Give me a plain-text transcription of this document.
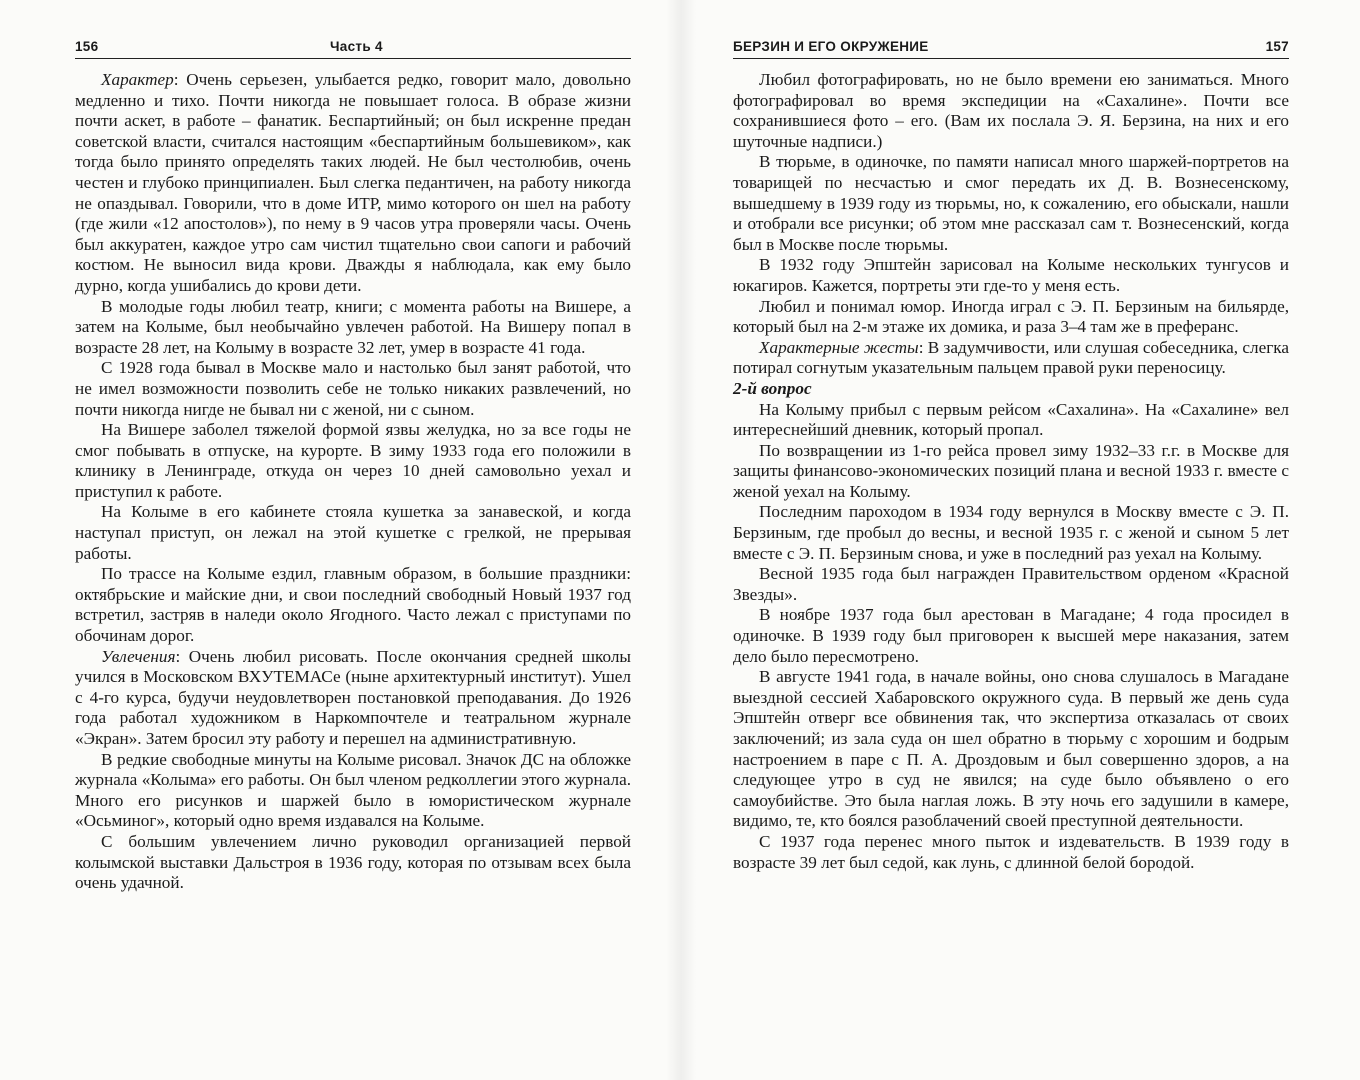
156	Часть 4

Характер: Очень серьезен, улыбается редко, говорит мало, довольно медленно и тихо. Почти никогда не повышает голоса. В образе жизни почти аскет, в работе – фанатик. Беспартийный; он был искренне предан советской власти, считался настоящим «беспартийным большевиком», как тогда было принято определять таких людей. Не был честолюбив, очень честен и глубоко принципиален. Был слегка педантичен, на работу никогда не опаздывал. Говорили, что в доме ИТР, мимо которого он шел на работу (где жили «12 апостолов»), по нему в 9 часов утра проверяли часы. Очень был аккуратен, каждое утро сам чистил тщательно свои сапоги и рабочий костюм. Не выносил вида крови. Дважды я наблюдала, как ему было дурно, когда ушибались до крови дети.

В молодые годы любил театр, книги; с момента работы на Вишере, а затем на Колыме, был необычайно увлечен работой. На Вишеру попал в возрасте 28 лет, на Колыму в возрасте 32 лет, умер в возрасте 41 года.

С 1928 года бывал в Москве мало и настолько был занят работой, что не имел возможности позволить себе не только никаких развлечений, но почти никогда нигде не бывал ни с женой, ни с сыном.

На Вишере заболел тяжелой формой язвы желудка, но за все годы не смог побывать в отпуске, на курорте. В зиму 1933 года его положили в клинику в Ленинграде, откуда он через 10 дней самовольно уехал и приступил к работе.

На Колыме в его кабинете стояла кушетка за занавеской, и когда наступал приступ, он лежал на этой кушетке с грелкой, не прерывая работы.

По трассе на Колыме ездил, главным образом, в большие праздники: октябрьские и майские дни, и свои последний свободный Новый 1937 год встретил, застряв в наледи около Ягодного. Часто лежал с приступами по обочинам дорог.

Увлечения: Очень любил рисовать. После окончания средней школы учился в Московском ВХУТЕМАСе (ныне архитектурный институт). Ушел с 4-го курса, будучи неудовлетворен постановкой преподавания. До 1926 года работал художником в Наркомпочтеле и театральном журнале «Экран». Затем бросил эту работу и перешел на административную.

В редкие свободные минуты на Колыме рисовал. Значок ДС на обложке журнала «Колыма» его работы. Он был членом редколлегии этого журнала. Много его рисунков и шаржей было в юмористическом журнале «Осьминог», который одно время издавался на Колыме.

С большим увлечением лично руководил организацией первой колымской выставки Дальстроя в 1936 году, которая по отзывам всех была очень удачной.

БЕРЗИН И ЕГО ОКРУЖЕНИЕ	157

Любил фотографировать, но не было времени ею заниматься. Много фотографировал во время экспедиции на «Сахалине». Почти все сохранившиеся фото – его. (Вам их послала Э. Я. Берзина, на них и его шуточные надписи.)

В тюрьме, в одиночке, по памяти написал много шаржей-портретов на товарищей по несчастью и смог передать их Д. В. Вознесенскому, вышедшему в 1939 году из тюрьмы, но, к сожалению, его обыскали, нашли и отобрали все рисунки; об этом мне рассказал сам т. Вознесенский, когда был в Москве после тюрьмы.

В 1932 году Эпштейн зарисовал на Колыме нескольких тунгусов и юкагиров. Кажется, портреты эти где-то у меня есть.

Любил и понимал юмор. Иногда играл с Э. П. Берзиным на бильярде, который был на 2-м этаже их домика, и раза 3–4 там же в преферанс.

Характерные жесты: В задумчивости, или слушая собеседника, слегка потирал согнутым указательным пальцем правой руки переносицу.

2-й вопрос

На Колыму прибыл с первым рейсом «Сахалина». На «Сахалине» вел интереснейший дневник, который пропал.

По возвращении из 1-го рейса провел зиму 1932–33 г.г. в Москве для защиты финансово-экономических позиций плана и весной 1933 г. вместе с женой уехал на Колыму.

Последним пароходом в 1934 году вернулся в Москву вместе с Э. П. Берзиным, где пробыл до весны, и весной 1935 г. с женой и сыном 5 лет вместе с Э. П. Берзиным снова, и уже в последний раз уехал на Колыму.

Весной 1935 года был награжден Правительством орденом «Красной Звезды».

В ноябре 1937 года был арестован в Магадане; 4 года просидел в одиночке. В 1939 году был приговорен к высшей мере наказания, затем дело было пересмотрено.

В августе 1941 года, в начале войны, оно снова слушалось в Магадане выездной сессией Хабаровского окружного суда. В первый же день суда Эпштейн отверг все обвинения так, что экспертиза отказалась от своих заключений; из зала суда он шел обратно в тюрьму с хорошим и бодрым настроением в паре с П. А. Дроздовым и был совершенно здоров, а на следующее утро в суд не явился; на суде было объявлено о его самоубийстве. Это была наглая ложь. В эту ночь его задушили в камере, видимо, те, кто боялся разоблачений своей преступной деятельности.

С 1937 года перенес много пыток и издевательств. В 1939 году в возрасте 39 лет был седой, как лунь, с длинной белой бородой.
